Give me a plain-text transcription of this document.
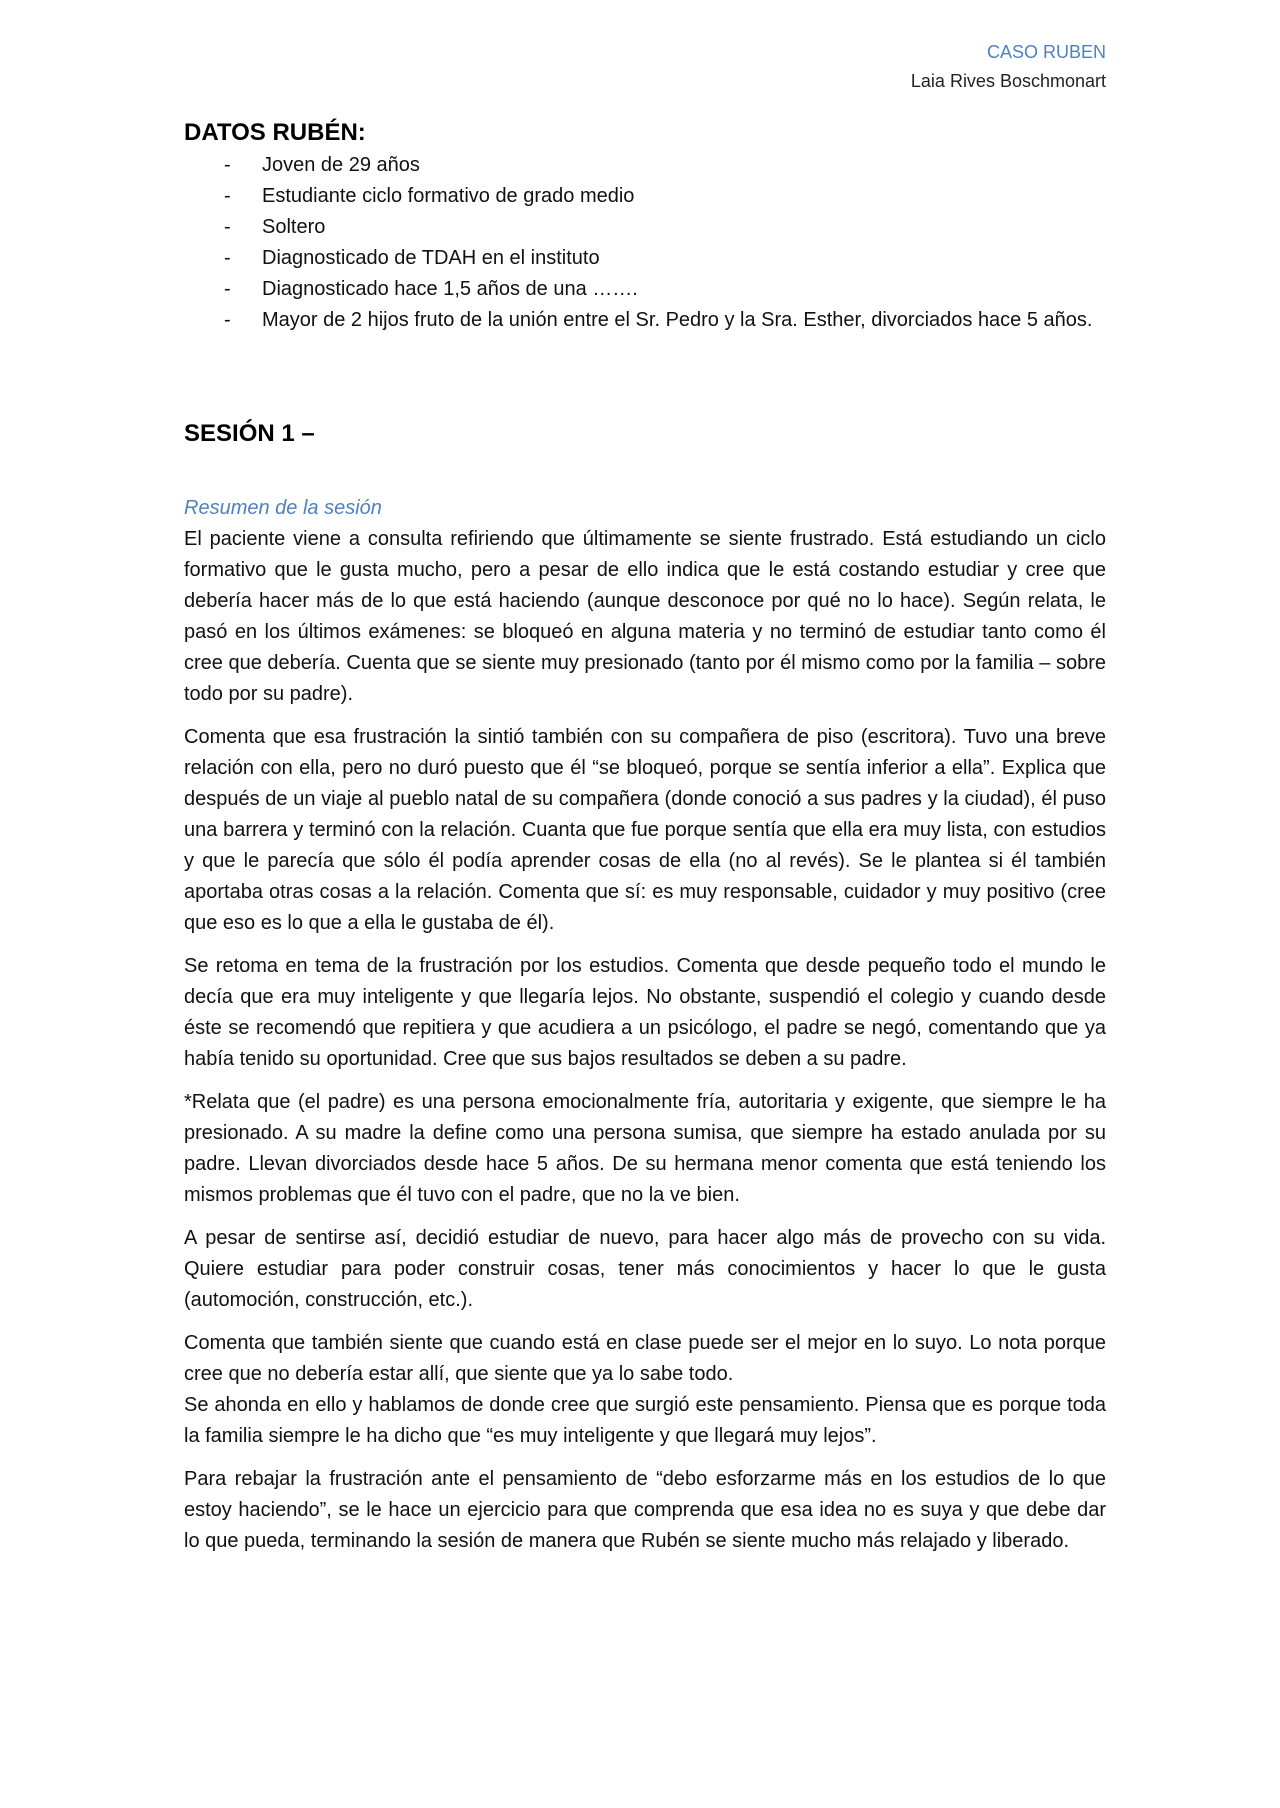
CASO RUBEN
Laia Rives Boschmonart
DATOS RUBÉN:
- Joven de 29 años
- Estudiante ciclo formativo de grado medio
- Soltero
- Diagnosticado de TDAH en el instituto
- Diagnosticado hace 1,5 años de una …….
- Mayor de 2 hijos fruto de la unión entre el Sr. Pedro y la Sra. Esther, divorciados hace 5 años.
SESIÓN 1 –
Resumen de la sesión

El paciente viene a consulta refiriendo que últimamente se siente frustrado. Está estudiando un ciclo formativo que le gusta mucho, pero a pesar de ello indica que le está costando estudiar y cree que debería hacer más de lo que está haciendo (aunque desconoce por qué no lo hace). Según relata, le pasó en los últimos exámenes: se bloqueó en alguna materia y no terminó de estudiar tanto como él cree que debería. Cuenta que se siente muy presionado (tanto por él mismo como por la familia – sobre todo por su padre).

Comenta que esa frustración la sintió también con su compañera de piso (escritora). Tuvo una breve relación con ella, pero no duró puesto que él “se bloqueó, porque se sentía inferior a ella”. Explica que después de un viaje al pueblo natal de su compañera (donde conoció a sus padres y la ciudad), él puso una barrera y terminó con la relación. Cuanta que fue porque sentía que ella era muy lista, con estudios y que le parecía que sólo él podía aprender cosas de ella (no al revés). Se le plantea si él también aportaba otras cosas a la relación. Comenta que sí: es muy responsable, cuidador y muy positivo (cree que eso es lo que a ella le gustaba de él).

Se retoma en tema de la frustración por los estudios. Comenta que desde pequeño todo el mundo le decía que era muy inteligente y que llegaría lejos. No obstante, suspendió el colegio y cuando desde éste se recomendó que repitiera y que acudiera a un psicólogo, el padre se negó, comentando que ya había tenido su oportunidad. Cree que sus bajos resultados se deben a su padre.

*Relata que (el padre) es una persona emocionalmente fría, autoritaria y exigente, que siempre le ha presionado. A su madre la define como una persona sumisa, que siempre ha estado anulada por su padre. Llevan divorciados desde hace 5 años. De su hermana menor comenta que está teniendo los mismos problemas que él tuvo con el padre, que no la ve bien.

A pesar de sentirse así, decidió estudiar de nuevo, para hacer algo más de provecho con su vida. Quiere estudiar para poder construir cosas, tener más conocimientos y hacer lo que le gusta (automoción, construcción, etc.).

Comenta que también siente que cuando está en clase puede ser el mejor en lo suyo. Lo nota porque cree que no debería estar allí, que siente que ya lo sabe todo.

Se ahonda en ello y hablamos de donde cree que surgió este pensamiento. Piensa que es porque toda la familia siempre le ha dicho que “es muy inteligente y que llegará muy lejos”.

Para rebajar la frustración ante el pensamiento de “debo esforzarme más en los estudios de lo que estoy haciendo”, se le hace un ejercicio para que comprenda que esa idea no es suya y que debe dar lo que pueda, terminando la sesión de manera que Rubén se siente mucho más relajado y liberado.
